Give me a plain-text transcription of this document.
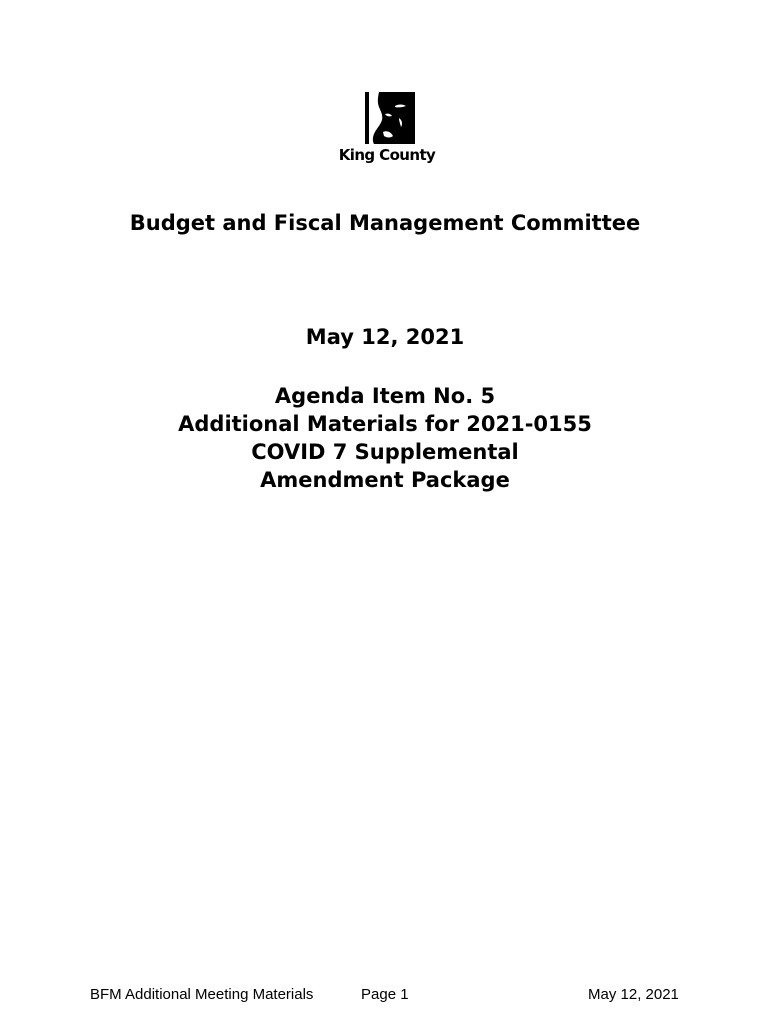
King County
Budget and Fiscal Management Committee
May 12, 2021
Agenda Item No. 5
Additional Materials for 2021-0155
COVID 7 Supplemental
Amendment Package
BFM Additional Meeting Materials	Page 1	May 12, 2021
